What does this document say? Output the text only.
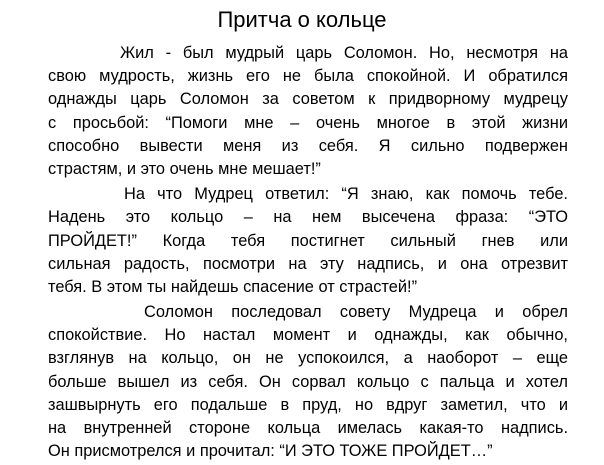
Притча о кольце
Жил - был мудрый царь Соломон. Но, несмотря на
свою мудрость, жизнь его не была спокойной. И обратился
однажды царь Соломон за советом к придворному мудрецу
с просьбой: “Помоги мне – очень многое в этой жизни
способно вывести меня из себя. Я сильно подвержен
страстям, и это очень мне мешает!”
На что Мудрец ответил: “Я знаю, как помочь тебе.
Надень это кольцо – на нем высечена фраза: “ЭТО
ПРОЙДЕТ!” Когда тебя постигнет сильный гнев или
сильная радость, посмотри на эту надпись, и она отрезвит
тебя. В этом ты найдешь спасение от страстей!”
Соломон последовал совету Мудреца и обрел
спокойствие. Но настал момент и однажды, как обычно,
взглянув на кольцо, он не успокоился, а наоборот – еще
больше вышел из себя. Он сорвал кольцо с пальца и хотел
зашвырнуть его подальше в пруд, но вдруг заметил, что и
на внутренней стороне кольца имелась какая-то надпись.
Он присмотрелся и прочитал: “И ЭТО ТОЖЕ ПРОЙДЕТ…”
